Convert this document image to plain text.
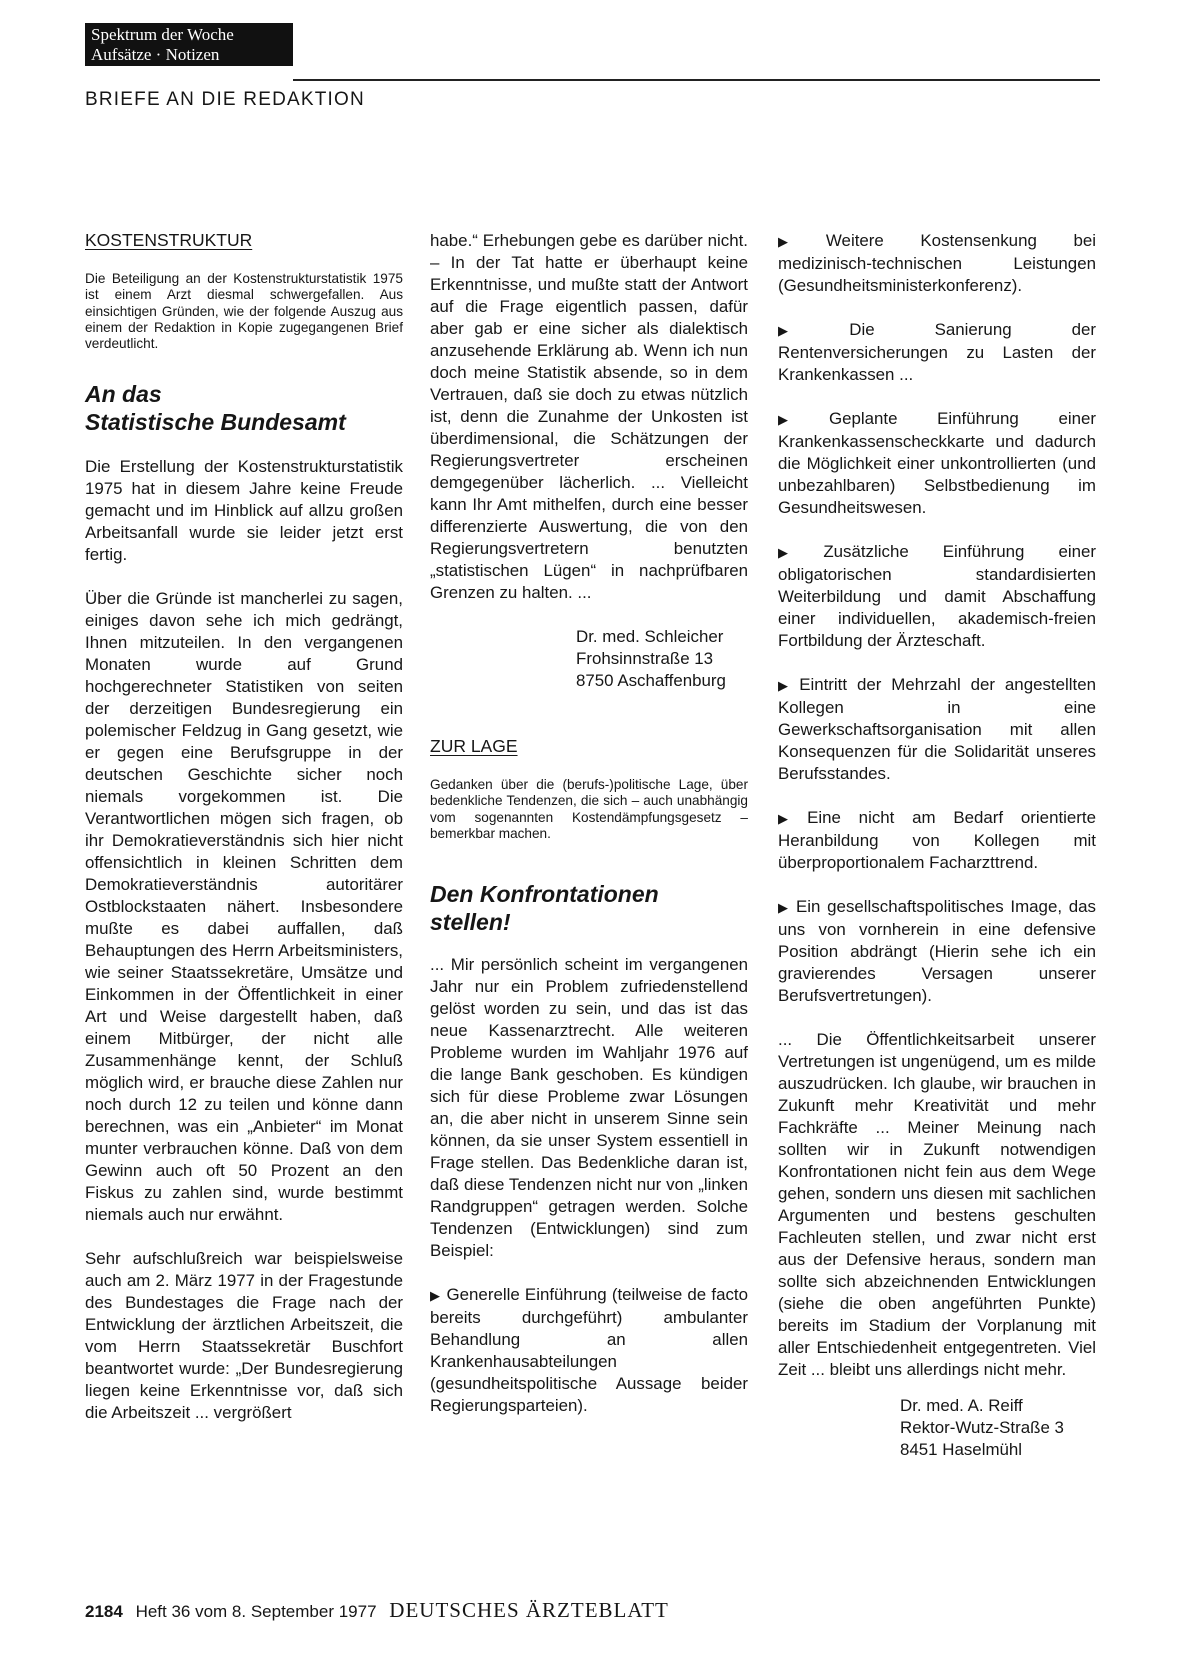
Spektrum der Woche
Aufsätze · Notizen
BRIEFE AN DIE REDAKTION
KOSTENSTRUKTUR

Die Beteiligung an der Kostenstrukturstatistik 1975 ist einem Arzt diesmal schwergefallen. Aus einsichtigen Gründen, wie der folgende Auszug aus einem der Redaktion in Kopie zugegangenen Brief verdeutlicht.

An das
Statistische Bundesamt

Die Erstellung der Kostenstrukturstatistik 1975 hat in diesem Jahre keine Freude gemacht und im Hinblick auf allzu großen Arbeitsanfall wurde sie leider jetzt erst fertig.

Über die Gründe ist mancherlei zu sagen, einiges davon sehe ich mich gedrängt, Ihnen mitzuteilen. In den vergangenen Monaten wurde auf Grund hochgerechneter Statistiken von seiten der derzeitigen Bundesregierung ein polemischer Feldzug in Gang gesetzt, wie er gegen eine Berufsgruppe in der deutschen Geschichte sicher noch niemals vorgekommen ist. Die Verantwortlichen mögen sich fragen, ob ihr Demokratieverständnis sich hier nicht offensichtlich in kleinen Schritten dem Demokratieverständnis autoritärer Ostblockstaaten nähert. Insbesondere mußte es dabei auffallen, daß Behauptungen des Herrn Arbeitsministers, wie seiner Staatssekretäre, Umsätze und Einkommen in der Öffentlichkeit in einer Art und Weise dargestellt haben, daß einem Mitbürger, der nicht alle Zusammenhänge kennt, der Schluß möglich wird, er brauche diese Zahlen nur noch durch 12 zu teilen und könne dann berechnen, was ein „Anbieter“ im Monat munter verbrauchen könne. Daß von dem Gewinn auch oft 50 Prozent an den Fiskus zu zahlen sind, wurde bestimmt niemals auch nur erwähnt.

Sehr aufschlußreich war beispielsweise auch am 2. März 1977 in der Fragestunde des Bundestages die Frage nach der Entwicklung der ärztlichen Arbeitszeit, die vom Herrn Staatssekretär Buschfort beantwortet wurde: „Der Bundesregierung liegen keine Erkenntnisse vor, daß sich die Arbeitszeit ... vergrößert

habe.“ Erhebungen gebe es darüber nicht. – In der Tat hatte er überhaupt keine Erkenntnisse, und mußte statt der Antwort auf die Frage eigentlich passen, dafür aber gab er eine sicher als dialektisch anzusehende Erklärung ab. Wenn ich nun doch meine Statistik absende, so in dem Vertrauen, daß sie doch zu etwas nützlich ist, denn die Zunahme der Unkosten ist überdimensional, die Schätzungen der Regierungsvertreter erscheinen demgegenüber lächerlich. ... Vielleicht kann Ihr Amt mithelfen, durch eine besser differenzierte Auswertung, die von den Regierungsvertretern benutzten „statistischen Lügen“ in nachprüfbaren Grenzen zu halten. ...

Dr. med. Schleicher
Frohsinnstraße 13
8750 Aschaffenburg
ZUR LAGE

Gedanken über die (berufs-)politische Lage, über bedenkliche Tendenzen, die sich – auch unabhängig vom sogenannten Kostendämpfungsgesetz – bemerkbar machen.

Den Konfrontationen
stellen!

... Mir persönlich scheint im vergangenen Jahr nur ein Problem zufriedenstellend gelöst worden zu sein, und das ist das neue Kassenarztrecht. Alle weiteren Probleme wurden im Wahljahr 1976 auf die lange Bank geschoben. Es kündigen sich für diese Probleme zwar Lösungen an, die aber nicht in unserem Sinne sein können, da sie unser System essentiell in Frage stellen. Das Bedenkliche daran ist, daß diese Tendenzen nicht nur von „linken Randgruppen“ getragen werden. Solche Tendenzen (Entwicklungen) sind zum Beispiel:

▶ Generelle Einführung (teilweise de facto bereits durchgeführt) ambulanter Behandlung an allen Krankenhausabteilungen (gesundheitspolitische Aussage beider Regierungsparteien).

▶ Weitere Kostensenkung bei medizinisch-technischen Leistungen (Gesundheitsministerkonferenz).

▶ Die Sanierung der Rentenversicherungen zu Lasten der Krankenkassen ...

▶ Geplante Einführung einer Krankenkassenscheckkarte und dadurch die Möglichkeit einer unkontrollierten (und unbezahlbaren) Selbstbedienung im Gesundheitswesen.

▶ Zusätzliche Einführung einer obligatorischen standardisierten Weiterbildung und damit Abschaffung einer individuellen, akademisch-freien Fortbildung der Ärzteschaft.

▶ Eintritt der Mehrzahl der angestellten Kollegen in eine Gewerkschaftsorganisation mit allen Konsequenzen für die Solidarität unseres Berufsstandes.

▶ Eine nicht am Bedarf orientierte Heranbildung von Kollegen mit überproportionalem Facharzttrend.

▶ Ein gesellschaftspolitisches Image, das uns von vornherein in eine defensive Position abdrängt (Hierin sehe ich ein gravierendes Versagen unserer Berufsvertretungen).

... Die Öffentlichkeitsarbeit unserer Vertretungen ist ungenügend, um es milde auszudrücken. Ich glaube, wir brauchen in Zukunft mehr Kreativität und mehr Fachkräfte ... Meiner Meinung nach sollten wir in Zukunft notwendigen Konfrontationen nicht fein aus dem Wege gehen, sondern uns diesen mit sachlichen Argumenten und bestens geschulten Fachleuten stellen, und zwar nicht erst aus der Defensive heraus, sondern man sollte sich abzeichnenden Entwicklungen (siehe die oben angeführten Punkte) bereits im Stadium der Vorplanung mit aller Entschiedenheit entgegentreten. Viel Zeit ... bleibt uns allerdings nicht mehr.

Dr. med. A. Reiff
Rektor-Wutz-Straße 3
8451 Haselmühl
2184 Heft 36 vom 8. September 1977 DEUTSCHES ÄRZTEBLATT
